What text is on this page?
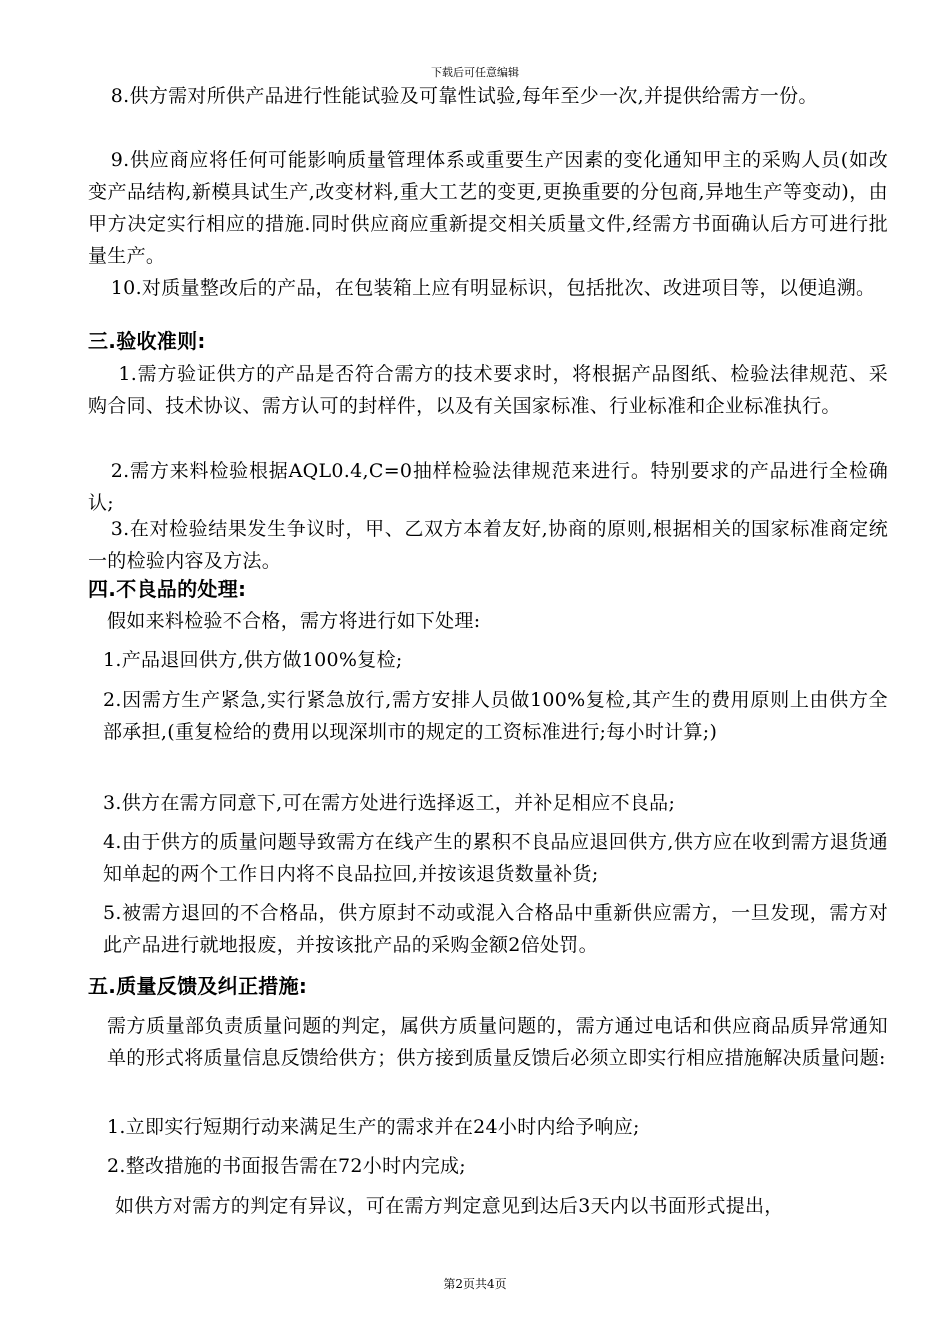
下载后可任意编辑

8.供方需对所供产品进行性能试验及可靠性试验,每年至少一次,并提供给需方一份。

9.供应商应将任何可能影响质量管理体系或重要生产因素的变化通知甲主的采购人员(如改变产品结构,新模具试生产,改变材料,重大工艺的变更,更换重要的分包商,异地生产等变动)，由甲方决定实行相应的措施.同时供应商应重新提交相关质量文件,经需方书面确认后方可进行批量生产。

10.对质量整改后的产品，在包装箱上应有明显标识，包括批次、改进项目等，以便追溯。

三.验收准则:

1.需方验证供方的产品是否符合需方的技术要求时，将根据产品图纸、检验法律规范、采购合同、技术协议、需方认可的封样件，以及有关国家标准、行业标准和企业标准执行。

2.需方来料检验根据AQL0.4,C=0抽样检验法律规范来进行。特别要求的产品进行全检确认;

3.在对检验结果发生争议时，甲、乙双方本着友好,协商的原则,根据相关的国家标准商定统一的检验内容及方法。

四.不良品的处理:

假如来料检验不合格，需方将进行如下处理:

1.产品退回供方,供方做100%复检;

2.因需方生产紧急,实行紧急放行,需方安排人员做100%复检,其产生的费用原则上由供方全部承担,(重复检给的费用以现深圳市的规定的工资标准进行;每小时计算;)

3.供方在需方同意下,可在需方处进行选择返工，并补足相应不良品;

4.由于供方的质量问题导致需方在线产生的累积不良品应退回供方,供方应在收到需方退货通知单起的两个工作日内将不良品拉回,并按该退货数量补货;

5.被需方退回的不合格品，供方原封不动或混入合格品中重新供应需方，一旦发现，需方对此产品进行就地报废，并按该批产品的采购金额2倍处罚。

五.质量反馈及纠正措施:

需方质量部负责质量问题的判定，属供方质量问题的，需方通过电话和供应商品质异常通知单的形式将质量信息反馈给供方；供方接到质量反馈后必须立即实行相应措施解决质量问题:

1.立即实行短期行动来满足生产的需求并在24小时内给予响应;

2.整改措施的书面报告需在72小时内完成;

如供方对需方的判定有异议，可在需方判定意见到达后3天内以书面形式提出，

第2页共4页
